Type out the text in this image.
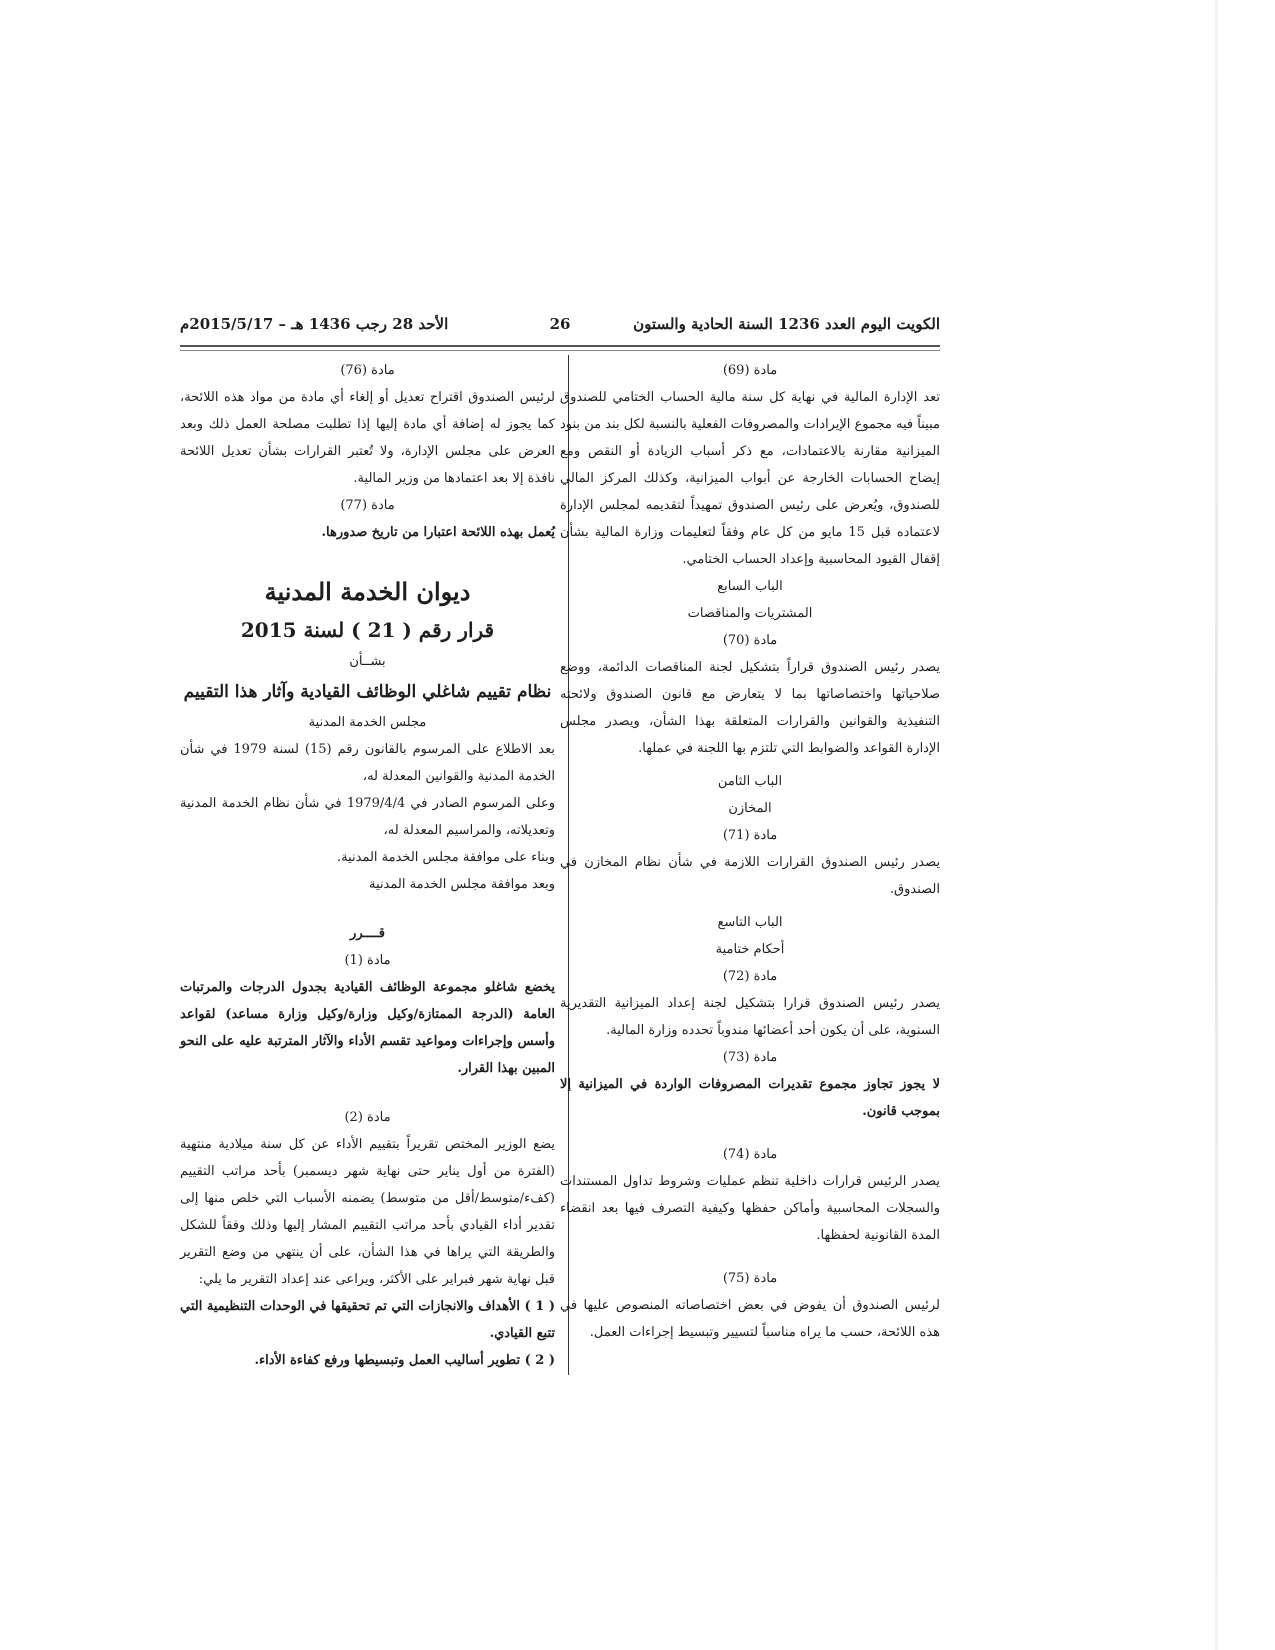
الكويت اليوم العدد 1236 السنة الحادية والستون
26
الأحد 28 رجب 1436 هـ – 2015/5/17م

مادة (69)

تعد الإدارة المالية في نهاية كل سنة مالية الحساب الختامي للصندوق مبيناً فيه مجموع الإيرادات والمصروفات الفعلية بالنسبة لكل بند من بنود الميزانية مقارنة بالاعتمادات، مع ذكر أسباب الزيادة أو النقص ومع إيضاح الحسابات الخارجة عن أبواب الميزانية، وكذلك المركز المالي للصندوق، ويُعرض على رئيس الصندوق تمهيداً لتقديمه لمجلس الإدارة لاعتماده قبل 15 مايو من كل عام وفقاً لتعليمات وزارة المالية بشأن إقفال القيود المحاسبية وإعداد الحساب الختامي.

الباب السابع

المشتريات والمناقصات

مادة (70)

يصدر رئيس الصندوق قراراً بتشكيل لجنة المناقصات الدائمة، ووضع صلاحياتها واختصاصاتها بما لا يتعارض مع قانون الصندوق ولائحته التنفيذية والقوانين والقرارات المتعلقة بهذا الشأن، ويصدر مجلس الإدارة القواعد والضوابط التي تلتزم بها اللجنة في عملها.

الباب الثامن

المخازن

مادة (71)

يصدر رئيس الصندوق القرارات اللازمة في شأن نظام المخازن في الصندوق.

الباب التاسع

أحكام ختامية

مادة (72)

يصدر رئيس الصندوق قرارا بتشكيل لجنة إعداد الميزانية التقديرية السنوية، على أن يكون أحد أعضائها مندوباً تحدده وزارة المالية.

مادة (73)

لا يجوز تجاوز مجموع تقديرات المصروفات الواردة في الميزانية إلا بموجب قانون.

مادة (74)

يصدر الرئيس قرارات داخلية تنظم عمليات وشروط تداول المستندات والسجلات المحاسبية وأماكن حفظها وكيفية التصرف فيها بعد انقضاء المدة القانونية لحفظها.

مادة (75)

لرئيس الصندوق أن يفوض في بعض اختصاصاته المنصوص عليها في هذه اللائحة، حسب ما يراه مناسباً لتسيير وتبسيط إجراءات العمل.

مادة (76)

لرئيس الصندوق اقتراح تعديل أو إلغاء أي مادة من مواد هذه اللائحة، كما يجوز له إضافة أي مادة إليها إذا تطلبت مصلحة العمل ذلك وبعد العرض على مجلس الإدارة، ولا تُعتبر القرارات بشأن تعديل اللائحة نافذة إلا بعد اعتمادها من وزير المالية.

مادة (77)

يُعمل بهذه اللائحة اعتبارا من تاريخ صدورها.

ديوان الخدمة المدنية

قرار رقم ( 21 ) لسنة 2015

بشــأن

نظام تقييم شاغلي الوظائف القيادية وآثار هذا التقييم

مجلس الخدمة المدنية

بعد الاطلاع على المرسوم بالقانون رقم (15) لسنة 1979 في شأن الخدمة المدنية والقوانين المعدلة له،

وعلى المرسوم الصادر في 1979/4/4 في شأن نظام الخدمة المدنية وتعديلاته، والمراسيم المعدلة له،

وبناء على موافقة مجلس الخدمة المدنية.

وبعد موافقة مجلس الخدمة المدنية

قــــرر

مادة (1)

يخضع شاغلو مجموعة الوظائف القيادية بجدول الدرجات والمرتبات العامة (الدرجة الممتازة/وكيل وزارة/وكيل وزارة مساعد) لقواعد وأسس وإجراءات ومواعيد تقسم الأداء والآثار المترتبة عليه على النحو المبين بهذا القرار.

مادة (2)

يضع الوزير المختص تقريراً بتقييم الأداء عن كل سنة ميلادية منتهية (الفترة من أول يناير حتى نهاية شهر ديسمبر) بأحد مراتب التقييم (كفء/متوسط/أقل من متوسط) يضمنه الأسباب التي خلص منها إلى تقدير أداء القيادي بأحد مراتب التقييم المشار إليها وذلك وفقاً للشكل والطريقة التي يراها في هذا الشأن، على أن ينتهي من وضع التقرير قبل نهاية شهر فبراير على الأكثر، ويراعى عند إعداد التقرير ما يلي:

( 1 ) الأهداف والانجازات التي تم تحقيقها في الوحدات التنظيمية التي تتبع القيادي.

( 2 ) تطوير أساليب العمل وتبسيطها ورفع كفاءة الأداء.
